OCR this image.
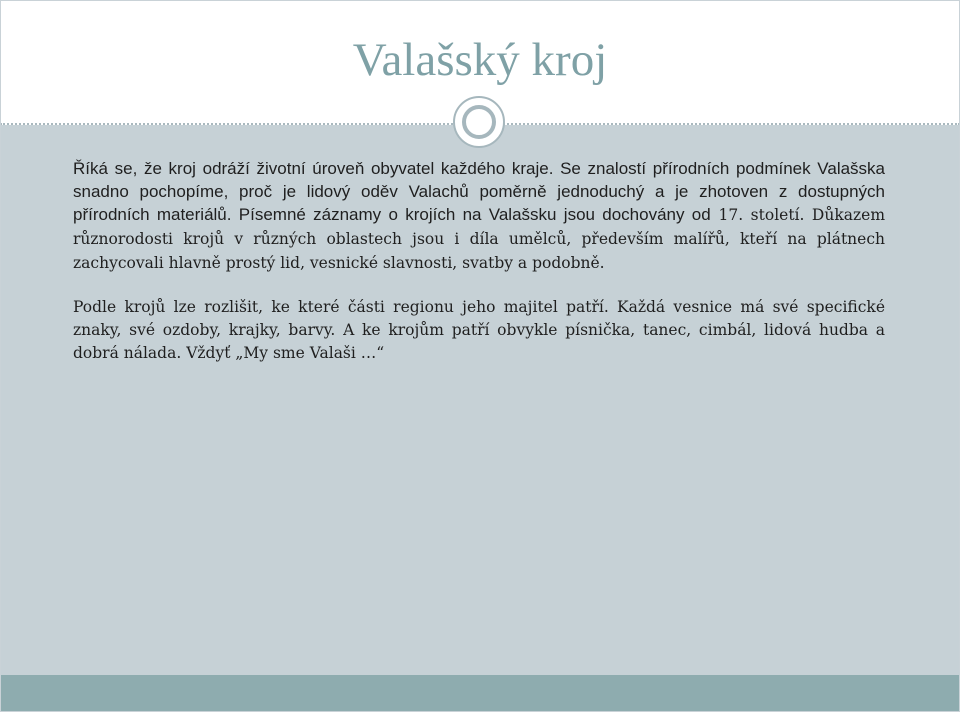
Valašský kroj

Říká se, že kroj odráží životní úroveň obyvatel každého kraje. Se znalostí přírodních podmínek Valašska snadno pochopíme, proč je lidový oděv Valachů poměrně jednoduchý a je zhotoven z dostupných přírodních materiálů. Písemné záznamy o krojích na Valašsku jsou dochovány od 17. století. Důkazem různorodosti krojů v různých oblastech jsou i díla umělců, především malířů, kteří na plátnech zachycovali hlavně prostý lid, vesnické slavnosti, svatby a podobně.

Podle krojů lze rozlišit, ke které části regionu jeho majitel patří. Každá vesnice má své specifické znaky, své ozdoby, krajky, barvy. A ke krojům patří obvykle písnička, tanec, cimbál, lidová hudba a dobrá nálada. Vždyť „My sme Valaši …“
